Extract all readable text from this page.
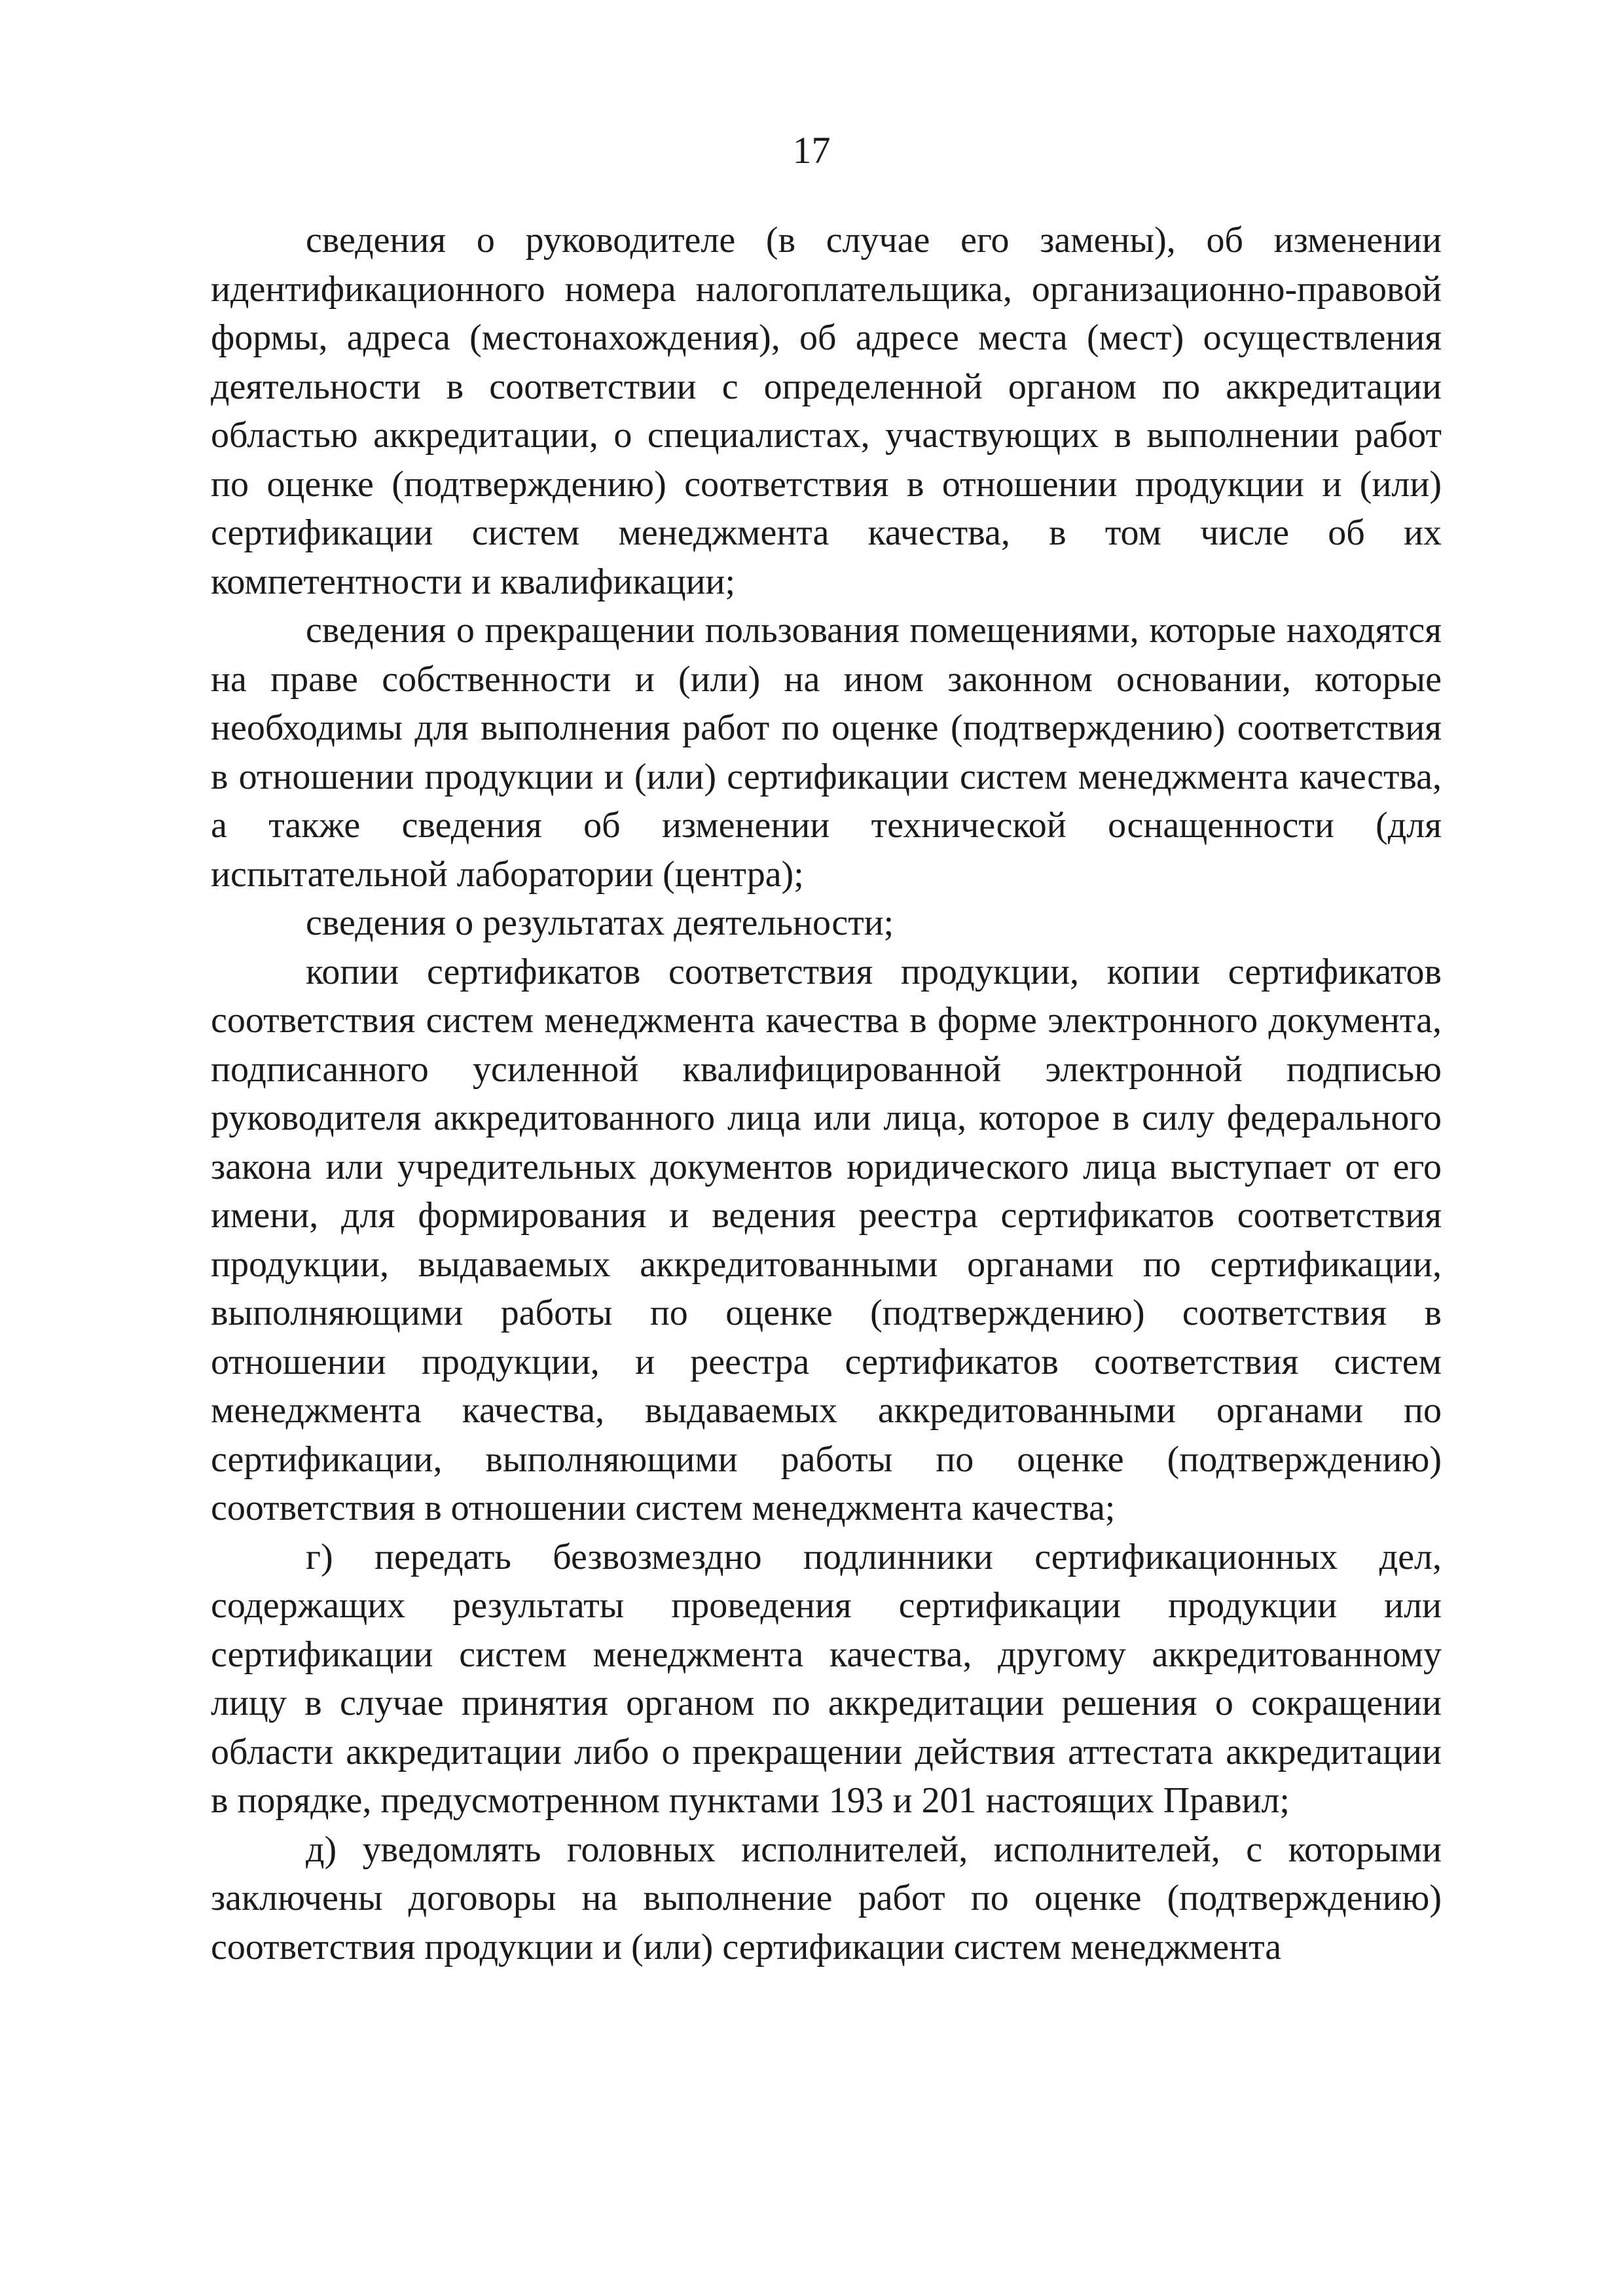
17

сведения о руководителе (в случае его замены), об изменении идентификационного номера налогоплательщика, организационно-правовой формы, адреса (местонахождения), об адресе места (мест) осуществления деятельности в соответствии с определенной органом по аккредитации областью аккредитации, о специалистах, участвующих в выполнении работ по оценке (подтверждению) соответствия в отношении продукции и (или) сертификации систем менеджмента качества, в том числе об их компетентности и квалификации;

сведения о прекращении пользования помещениями, которые находятся на праве собственности и (или) на ином законном основании, которые необходимы для выполнения работ по оценке (подтверждению) соответствия в отношении продукции и (или) сертификации систем менеджмента качества, а также сведения об изменении технической оснащенности (для испытательной лаборатории (центра);

сведения о результатах деятельности;

копии сертификатов соответствия продукции, копии сертификатов соответствия систем менеджмента качества в форме электронного документа, подписанного усиленной квалифицированной электронной подписью руководителя аккредитованного лица или лица, которое в силу федерального закона или учредительных документов юридического лица выступает от его имени, для формирования и ведения реестра сертификатов соответствия продукции, выдаваемых аккредитованными органами по сертификации, выполняющими работы по оценке (подтверждению) соответствия в отношении продукции, и реестра сертификатов соответствия систем менеджмента качества, выдаваемых аккредитованными органами по сертификации, выполняющими работы по оценке (подтверждению) соответствия в отношении систем менеджмента качества;

г) передать безвозмездно подлинники сертификационных дел, содержащих результаты проведения сертификации продукции или сертификации систем менеджмента качества, другому аккредитованному лицу в случае принятия органом по аккредитации решения о сокращении области аккредитации либо о прекращении действия аттестата аккредитации в порядке, предусмотренном пунктами 193 и 201 настоящих Правил;

д) уведомлять головных исполнителей, исполнителей, с которыми заключены договоры на выполнение работ по оценке (подтверждению) соответствия продукции и (или) сертификации систем менеджмента
